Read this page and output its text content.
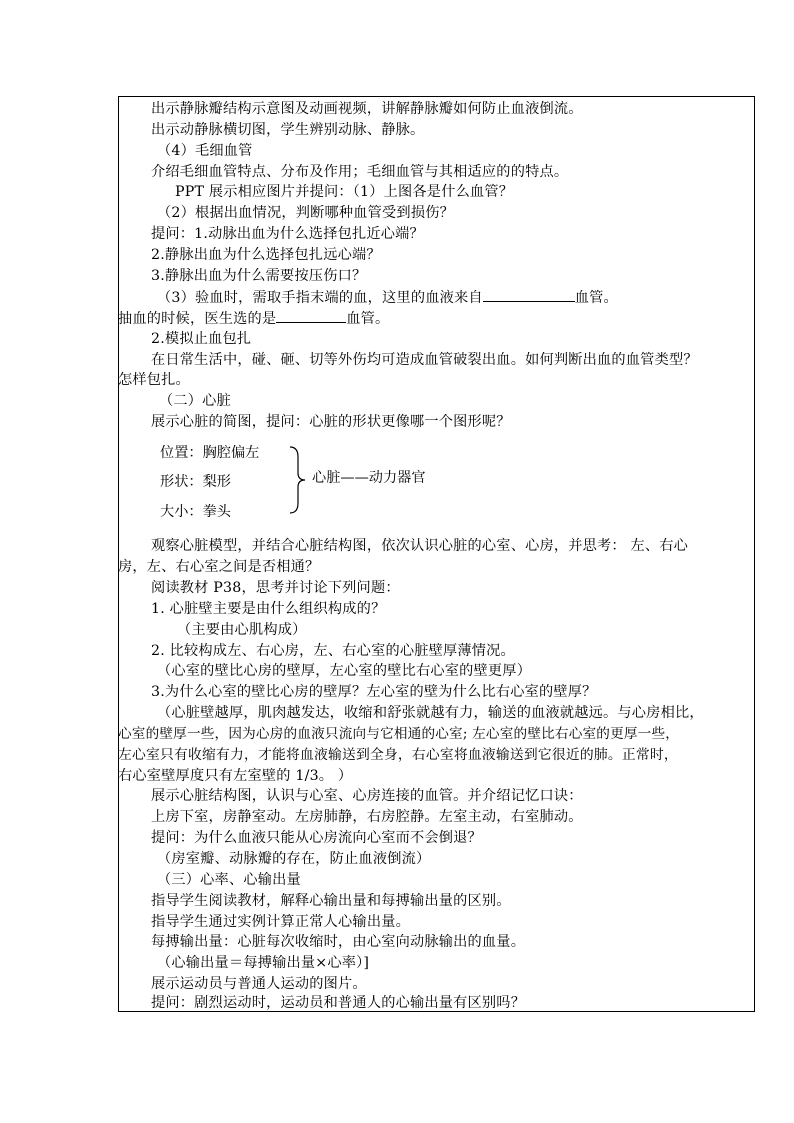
出示静脉瓣结构示意图及动画视频，讲解静脉瓣如何防止血液倒流。
出示动静脉横切图，学生辨别动脉、静脉。
（4）毛细血管
介绍毛细血管特点、分布及作用；毛细血管与其相适应的的特点。
PPT 展示相应图片并提问：（1）上图各是什么血管？
（2）根据出血情况，判断哪种血管受到损伤？
提问：1.动脉出血为什么选择包扎近心端？
2.静脉出血为什么选择包扎远心端？
3.静脉出血为什么需要按压伤口？
（3）验血时，需取手指末端的血，这里的血液来自	血管。
抽血的时候，医生选的是	血管。
2.模拟止血包扎
在日常生活中，碰、砸、切等外伤均可造成血管破裂出血。如何判断出血的血管类型？
怎样包扎。
（二）心脏
展示心脏的简图，提问：心脏的形状更像哪一个图形呢？
位置：胸腔偏左
形状：梨形
大小：拳头
心脏——动力器官
观察心脏模型，并结合心脏结构图，依次认识心脏的心室、心房，并思考： 左、右心
房，左、右心室之间是否相通？
阅读教材 P38，思考并讨论下列问题：
1. 心脏壁主要是由什么组织构成的？
（主要由心肌构成）
2. 比较构成左、右心房，左、右心室的心脏壁厚薄情况。
（心室的壁比心房的壁厚，左心室的壁比右心室的壁更厚）
3.为什么心室的壁比心房的壁厚？左心室的壁为什么比右心室的壁厚？
（心脏壁越厚，肌肉越发达，收缩和舒张就越有力，输送的血液就越远。与心房相比，
心室的壁厚一些，因为心房的血液只流向与它相通的心室; 左心室的壁比右心室的更厚一些，
左心室只有收缩有力，才能将血液输送到全身，右心室将血液输送到它很近的肺。正常时，
右心室壁厚度只有左室壁的 1/3。 ）
展示心脏结构图，认识与心室、心房连接的血管。并介绍记忆口诀：
上房下室，房静室动。左房肺静，右房腔静。左室主动，右室肺动。
提问：为什么血液只能从心房流向心室而不会倒退？
（房室瓣、动脉瓣的存在，防止血液倒流）
（三）心率、心输出量
指导学生阅读教材，解释心输出量和每搏输出量的区别。
指导学生通过实例计算正常人心输出量。
每搏输出量：心脏每次收缩时，由心室向动脉输出的血量。
（心输出量＝每搏输出量×心率）]
展示运动员与普通人运动的图片。
提问：剧烈运动时，运动员和普通人的心输出量有区别吗？
